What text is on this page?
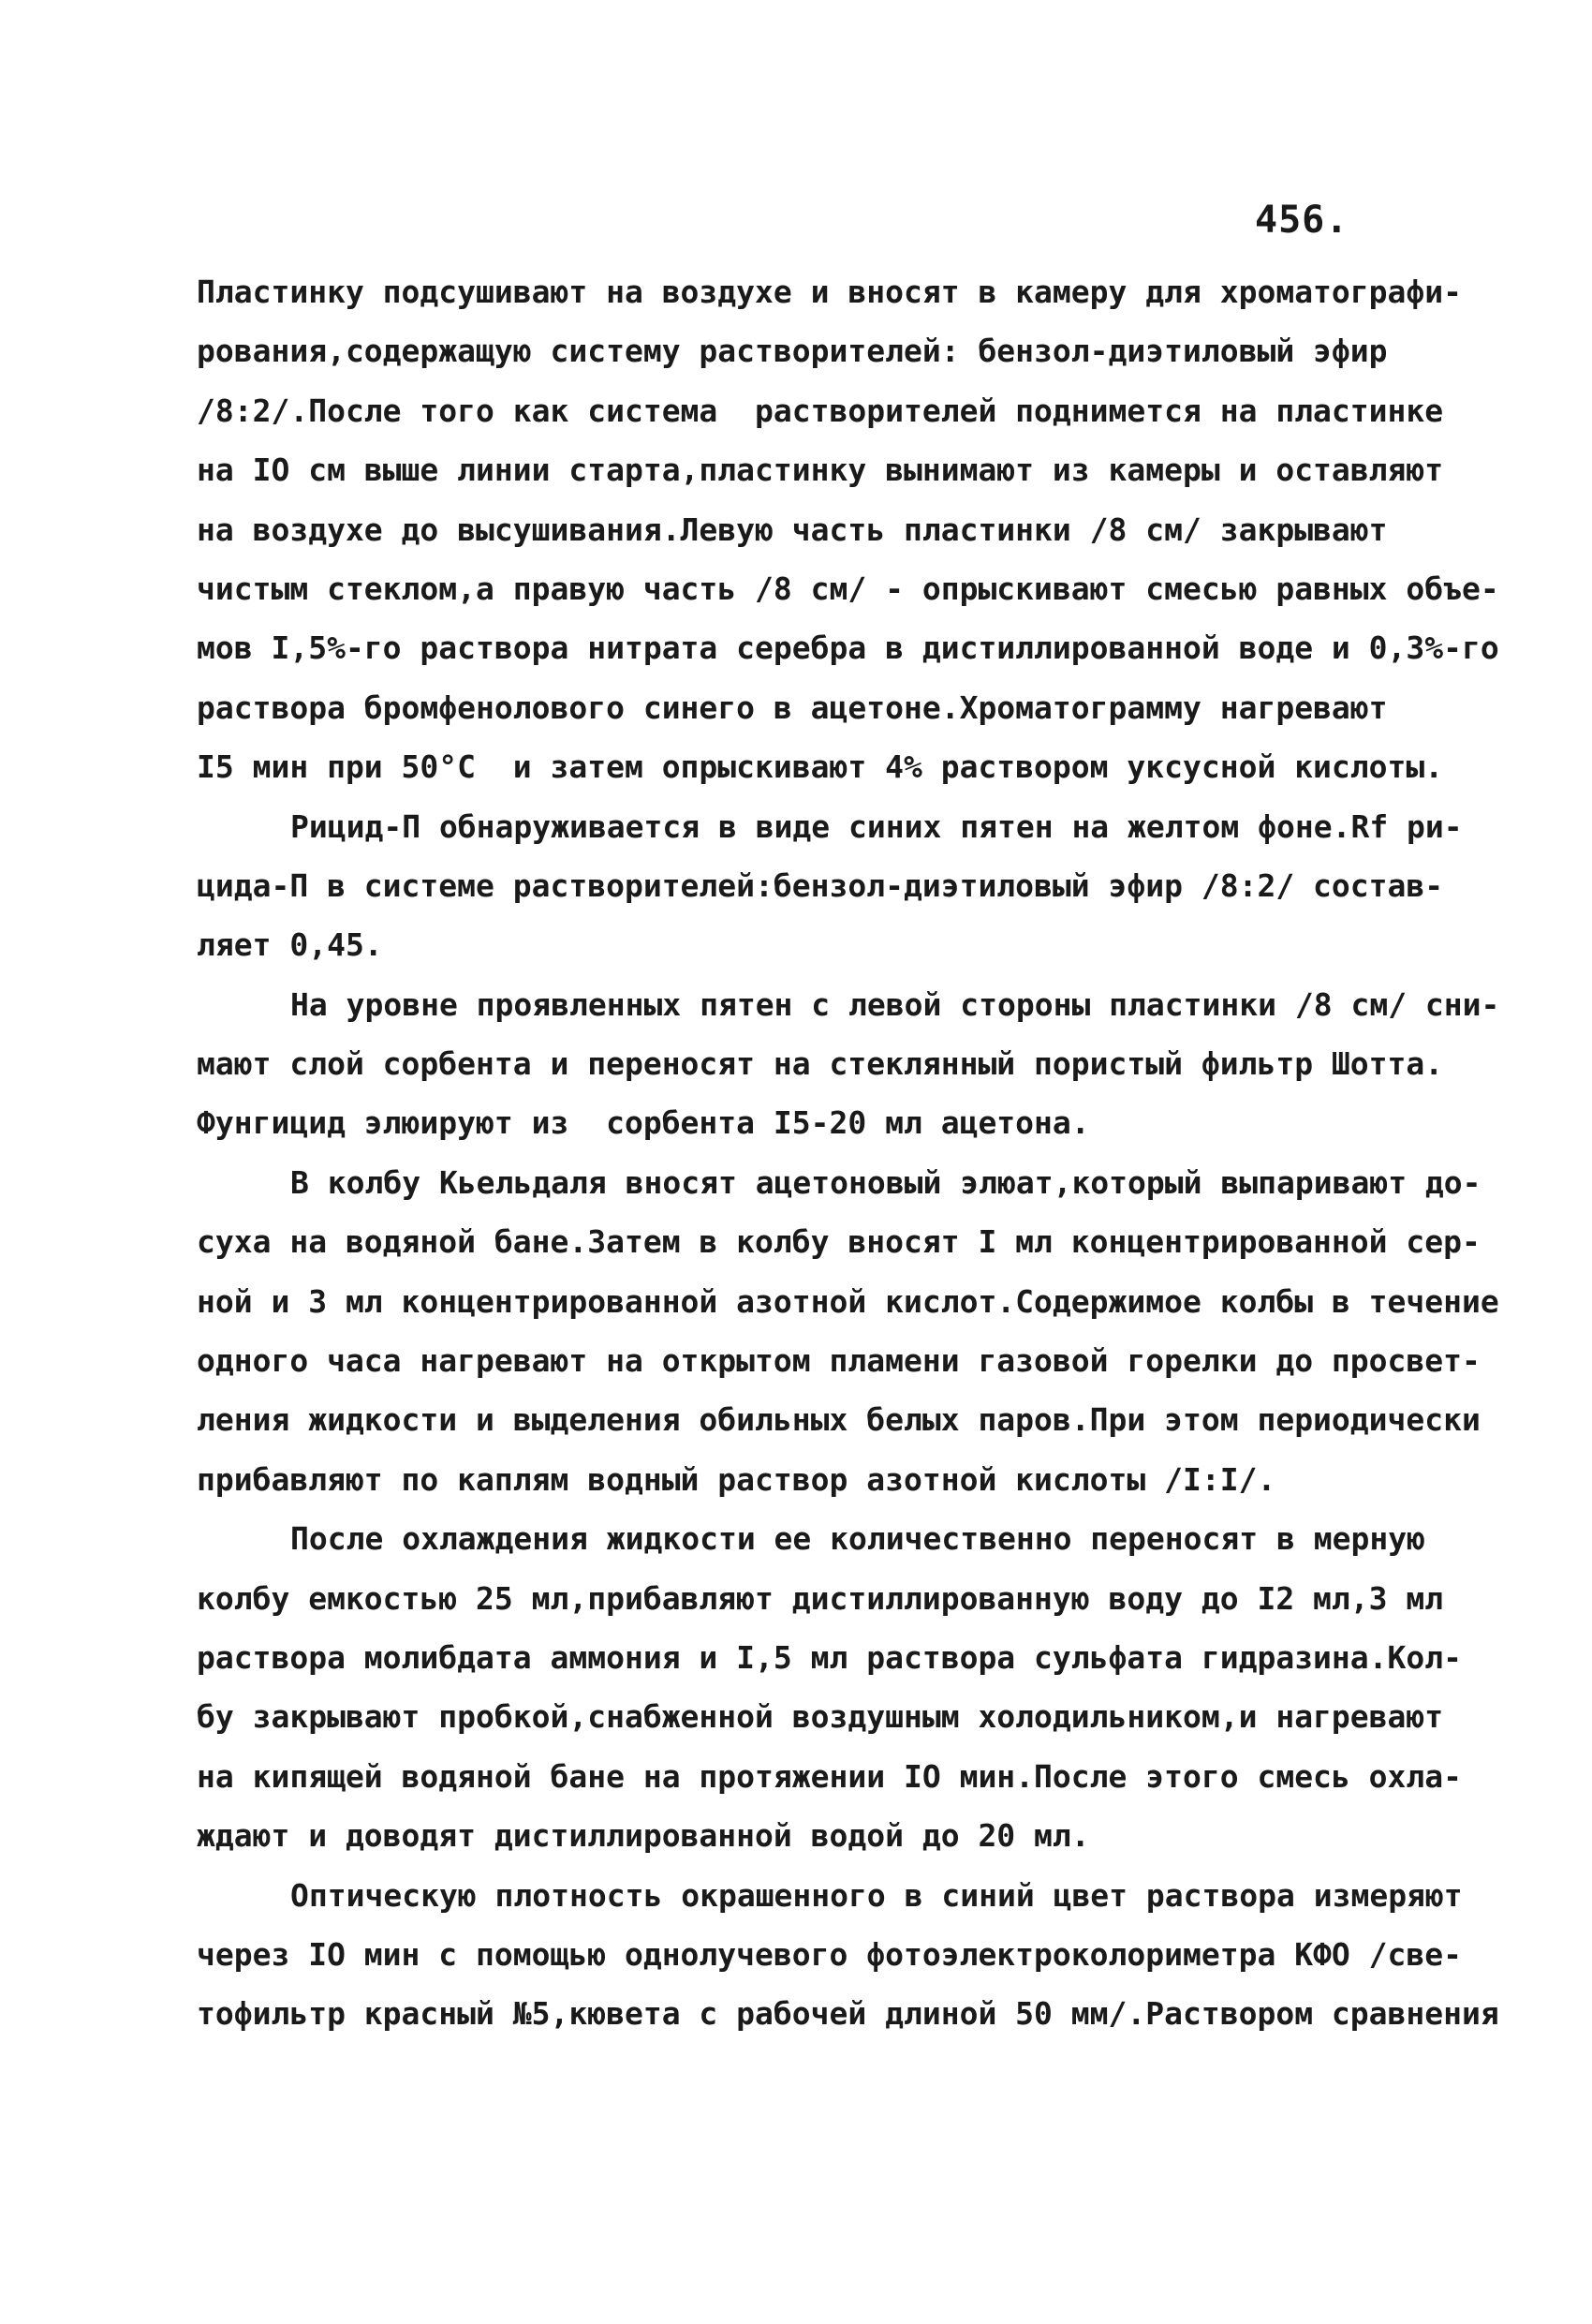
456.
Пластинку подсушивают на воздухе и вносят в камеру для хроматографи-
рования,содержащую систему растворителей: бензол-диэтиловый эфир
/8:2/.После того как система  растворителей поднимется на пластинке
на IO см выше линии старта,пластинку вынимают из камеры и оставляют
на воздухе до высушивания.Левую часть пластинки /8 см/ закрывают
чистым стеклом,а правую часть /8 см/ - опрыскивают смесью равных объе-
мов I,5%-го раствора нитрата серебра в дистиллированной воде и 0,3%-го
раствора бромфенолового синего в ацетоне.Хроматограмму нагревают
I5 мин при 50°С  и затем опрыскивают 4% раствором уксусной кислоты.
Рицид-П обнаруживается в виде синих пятен на желтом фоне.Rf ри-
цида-П в системе растворителей:бензол-диэтиловый эфир /8:2/ состав-
ляет 0,45.
На уровне проявленных пятен с левой стороны пластинки /8 см/ сни-
мают слой сорбента и переносят на стеклянный пористый фильтр Шотта.
Фунгицид элюируют из  сорбента I5-20 мл ацетона.
В колбу Кьельдаля вносят ацетоновый элюат,который выпаривают до-
суха на водяной бане.Затем в колбу вносят I мл концентрированной сер-
ной и 3 мл концентрированной азотной кислот.Содержимое колбы в течение
одного часа нагревают на открытом пламени газовой горелки до просвет-
ления жидкости и выделения обильных белых паров.При этом периодически
прибавляют по каплям водный раствор азотной кислоты /I:I/.
После охлаждения жидкости ее количественно переносят в мерную
колбу емкостью 25 мл,прибавляют дистиллированную воду до I2 мл,3 мл
раствора молибдата аммония и I,5 мл раствора сульфата гидразина.Кол-
бу закрывают пробкой,снабженной воздушным холодильником,и нагревают
на кипящей водяной бане на протяжении IO мин.После этого смесь охла-
ждают и доводят дистиллированной водой до 20 мл.
Оптическую плотность окрашенного в синий цвет раствора измеряют
через IO мин с помощью однолучевого фотоэлектроколориметра КФО /све-
тофильтр красный №5,кювета с рабочей длиной 50 мм/.Раствором сравнения
